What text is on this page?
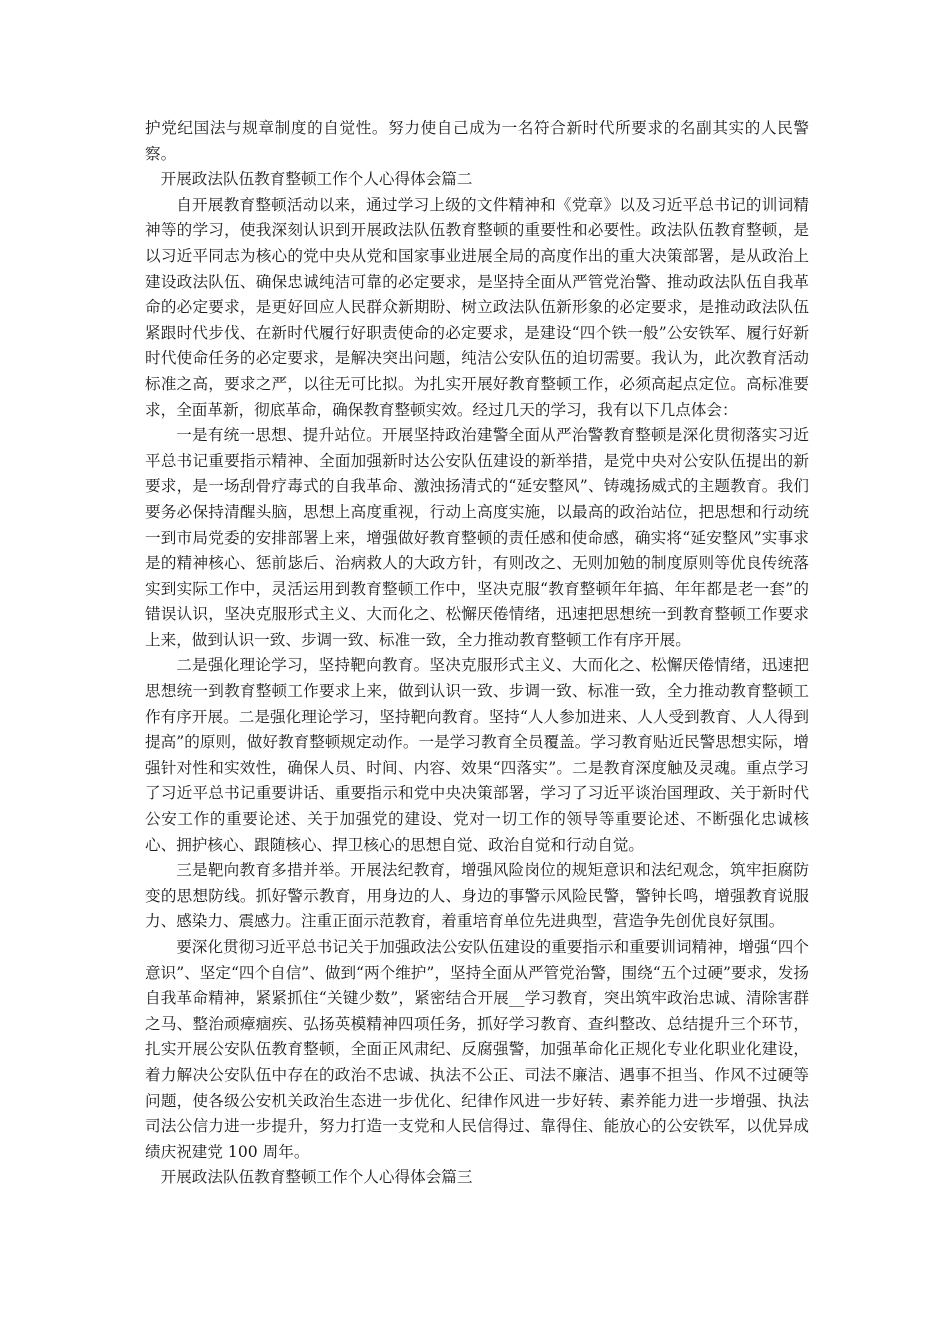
护党纪国法与规章制度的自觉性。努力使自己成为一名符合新时代所要求的名副其实的人民警察。

开展政法队伍教育整顿工作个人心得体会篇二

自开展教育整顿活动以来，通过学习上级的文件精神和《党章》以及习近平总书记的训词精神等的学习，使我深刻认识到开展政法队伍教育整顿的重要性和必要性。政法队伍教育整顿，是以习近平同志为核心的党中央从党和国家事业进展全局的高度作出的重大决策部署，是从政治上建设政法队伍、确保忠诚纯洁可靠的必定要求，是坚持全面从严管党治警、推动政法队伍自我革命的必定要求，是更好回应人民群众新期盼、树立政法队伍新形象的必定要求，是推动政法队伍紧跟时代步伐、在新时代履行好职责使命的必定要求，是建设“四个铁一般”公安铁军、履行好新时代使命任务的必定要求，是解决突出问题，纯洁公安队伍的迫切需要。我认为，此次教育活动标准之高，要求之严，以往无可比拟。为扎实开展好教育整顿工作，必须高起点定位。高标准要求，全面革新，彻底革命，确保教育整顿实效。经过几天的学习，我有以下几点体会：

一是有统一思想、提升站位。开展坚持政治建警全面从严治警教育整顿是深化贯彻落实习近平总书记重要指示精神、全面加强新时达公安队伍建设的新举措，是党中央对公安队伍提出的新要求，是一场刮骨疗毒式的自我革命、激浊扬清式的“延安整风”、铸魂扬威式的主题教育。我们要务必保持清醒头脑，思想上高度重视，行动上高度实施，以最高的政治站位，把思想和行动统一到市局党委的安排部署上来，增强做好教育整顿的责任感和使命感，确实将“延安整风”实事求是的精神核心、惩前毖后、治病救人的大政方针，有则改之、无则加勉的制度原则等优良传统落实到实际工作中，灵活运用到教育整顿工作中，坚决克服“教育整顿年年搞、年年都是老一套”的错误认识，坚决克服形式主义、大而化之、松懈厌倦情绪，迅速把思想统一到教育整顿工作要求上来，做到认识一致、步调一致、标准一致，全力推动教育整顿工作有序开展。

二是强化理论学习，坚持靶向教育。坚决克服形式主义、大而化之、松懈厌倦情绪，迅速把思想统一到教育整顿工作要求上来，做到认识一致、步调一致、标准一致，全力推动教育整顿工作有序开展。二是强化理论学习，坚持靶向教育。坚持“人人参加进来、人人受到教育、人人得到提高”的原则，做好教育整顿规定动作。一是学习教育全员覆盖。学习教育贴近民警思想实际，增强针对性和实效性，确保人员、时间、内容、效果“四落实”。二是教育深度触及灵魂。重点学习了习近平总书记重要讲话、重要指示和党中央决策部署，学习了习近平谈治国理政、关于新时代公安工作的重要论述、关于加强党的建设、党对一切工作的领导等重要论述、不断强化忠诚核心、拥护核心、跟随核心、捍卫核心的思想自觉、政治自觉和行动自觉。

三是靶向教育多措并举。开展法纪教育，增强风险岗位的规矩意识和法纪观念，筑牢拒腐防变的思想防线。抓好警示教育，用身边的人、身边的事警示风险民警，警钟长鸣，增强教育说服力、感染力、震感力。注重正面示范教育，着重培育单位先进典型，营造争先创优良好氛围。

要深化贯彻习近平总书记关于加强政法公安队伍建设的重要指示和重要训词精神，增强“四个意识”、坚定“四个自信”、做到“两个维护”，坚持全面从严管党治警，围绕“五个过硬”要求，发扬自我革命精神，紧紧抓住“关键少数”，紧密结合开展__学习教育，突出筑牢政治忠诚、清除害群之马、整治顽瘴痼疾、弘扬英模精神四项任务，抓好学习教育、查纠整改、总结提升三个环节，扎实开展公安队伍教育整顿，全面正风肃纪、反腐强警，加强革命化正规化专业化职业化建设，着力解决公安队伍中存在的政治不忠诚、执法不公正、司法不廉洁、遇事不担当、作风不过硬等问题，使各级公安机关政治生态进一步优化、纪律作风进一步好转、素养能力进一步增强、执法司法公信力进一步提升，努力打造一支党和人民信得过、靠得住、能放心的公安铁军，以优异成绩庆祝建党 100 周年。

开展政法队伍教育整顿工作个人心得体会篇三
